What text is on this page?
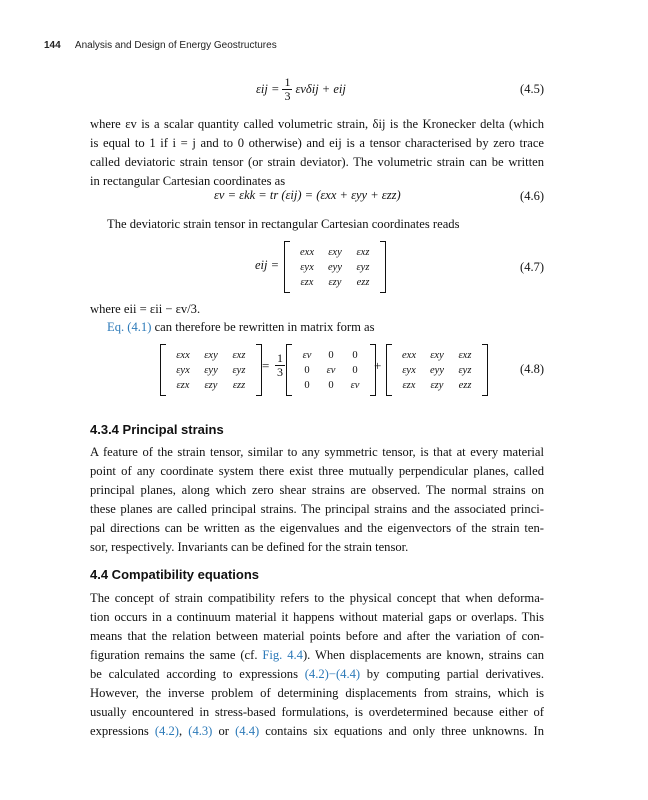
144 Analysis and Design of Energy Geostructures
$\varepsilon ij = \frac{1}{3}$ εvδij + eij	(4.5)
where εv is a scalar quantity called volumetric strain, δij is the Kronecker delta (which
is equal to 1 if i = j and to 0 otherwise) and eij is a tensor characterised by zero trace
called deviatoric strain tensor (or strain deviator). The volumetric strain can be written
in rectangular Cartesian coordinates as
εv = εkk = tr (εij) = (εxx + εyy + εzz)	(4.6)
The deviatoric strain tensor in rectangular Cartesian coordinates reads
eij =
exx	εxy	εxz
εyx	eyy	εyz
εzx	εzy	ezz
(4.7)
where eii = εii − εv/3.
Eq. (4.1) can therefore be rewritten in matrix form as
εxx	εxy	εxz
εyx	εyy	εyz
εzx	εzy	εzz
= $\frac{1}{3}$	εv	0	0
0	εv	0
0	0	εv
+
exx	εxy	εxz
εyx	eyy	εyz
εzx	εzy	ezz
(4.8)
4.3.4 Principal strains
A feature of the strain tensor, similar to any symmetric tensor, is that at every material
point of any coordinate system there exist three mutually perpendicular planes, called
principal planes, along which zero shear strains are observed. The normal strains on
these planes are called principal strains. The principal strains and the associated princi-
pal directions can be written as the eigenvalues and the eigenvectors of the strain ten-
sor, respectively. Invariants can be defined for the strain tensor.
4.4 Compatibility equations
The concept of strain compatibility refers to the physical concept that when deforma-
tion occurs in a continuum material it happens without material gaps or overlaps. This
means that the relation between material points before and after the variation of con-
figuration remains the same (cf. Fig. 4.4). When displacements are known, strains can
be calculated according to expressions (4.2)−(4.4) by computing partial derivatives.
However, the inverse problem of determining displacements from strains, which is
usually encountered in stress-based formulations, is overdetermined because either of
expressions (4.2), (4.3) or (4.4) contains six equations and only three unknowns. In
